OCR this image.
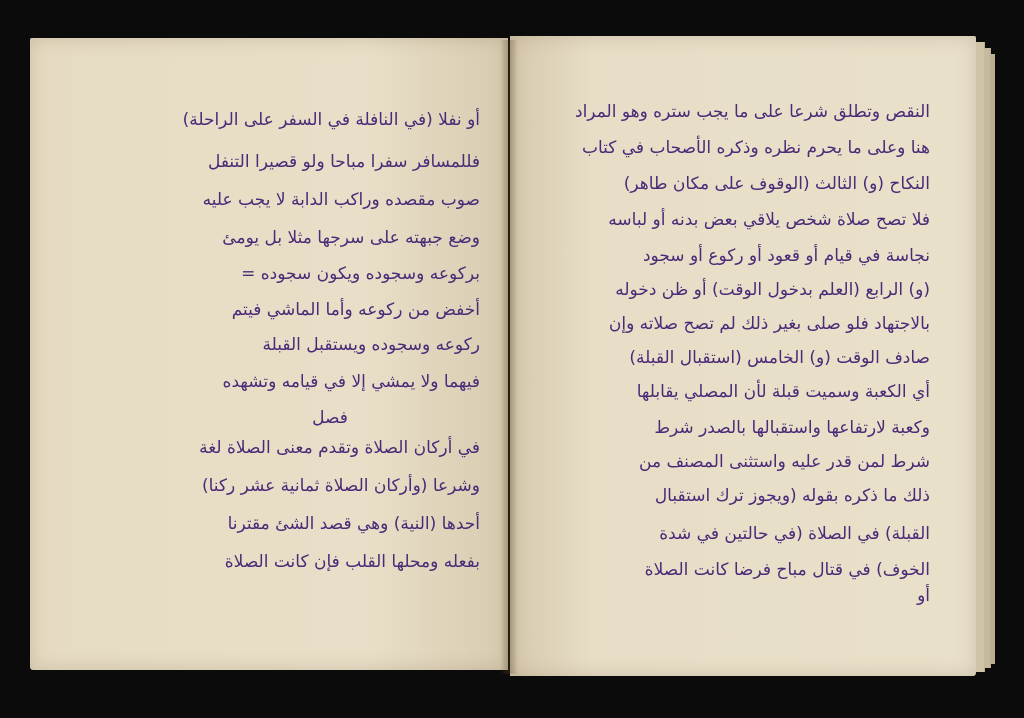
أو نفلا (في النافلة في السفر على الراحلة)
فللمسافر سفرا مباحا ولو قصيرا التنفل
صوب مقصده وراكب الدابة لا يجب عليه
وضع جبهته على سرجها مثلا بل يومئ
بركوعه وسجوده ويكون سجوده =
أخفض من ركوعه وأما الماشي فيتم
ركوعه وسجوده ويستقبل القبلة
فيهما ولا يمشي إلا في قيامه وتشهده
فصل
في أركان الصلاة وتقدم معنى الصلاة لغة
وشرعا (وأركان الصلاة ثمانية عشر ركنا)
أحدها (النية) وهي قصد الشئ مقترنا
بفعله ومحلها القلب فإن كانت الصلاة
النقص وتطلق شرعا على ما يجب ستره وهو المراد
هنا وعلى ما يحرم نظره وذكره الأصحاب في كتاب
النكاح (و) الثالث (الوقوف على مكان طاهر)
فلا تصح صلاة شخص يلاقي بعض بدنه أو لباسه
نجاسة في قيام أو قعود أو ركوع أو سجود
(و) الرابع (العلم بدخول الوقت) أو ظن دخوله
بالاجتهاد فلو صلى بغير ذلك لم تصح صلاته وإن
صادف الوقت (و) الخامس (استقبال القبلة)
أي الكعبة وسميت قبلة لأن المصلي يقابلها
وكعبة لارتفاعها واستقبالها بالصدر شرط
شرط لمن قدر عليه واستثنى المصنف من
ذلك ما ذكره بقوله (ويجوز ترك استقبال
القبلة) في الصلاة (في حالتين في شدة
الخوف) في قتال مباح فرضا كانت الصلاة
أو
